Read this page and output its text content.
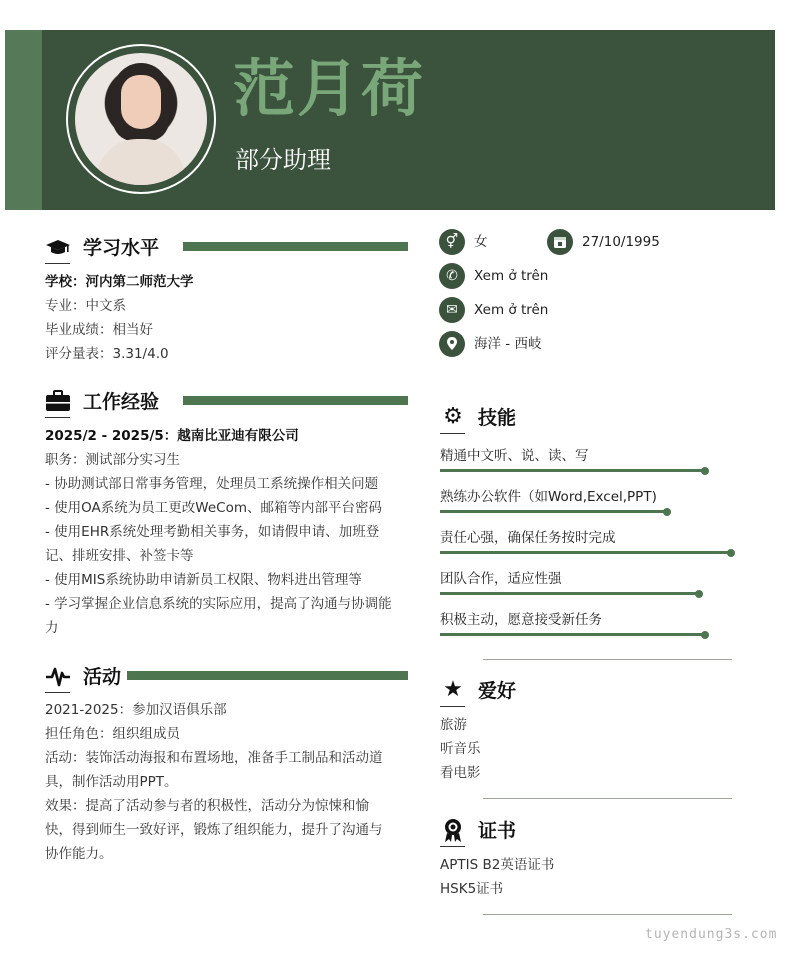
范月荷
部分助理
学习水平
学校：河内第二师范大学
专业：中文系
毕业成绩：相当好
评分量表：3.31/4.0
工作经验
2025/2 - 2025/5：越南比亚迪有限公司
职务：测试部分实习生
- 协助测试部日常事务管理，处理员工系统操作相关问题
- 使用OA系统为员工更改WeCom、邮箱等内部平台密码
- 使用EHR系统处理考勤相关事务，如请假申请、加班登
记、排班安排、补签卡等
- 使用MIS系统协助申请新员工权限、物料进出管理等
- 学习掌握企业信息系统的实际应用，提高了沟通与协调能
力
活动
2021-2025：参加汉语俱乐部
担任角色：组织组成员
活动：装饰活动海报和布置场地，准备手工制品和活动道
具，制作活动用PPT。
效果：提高了活动参与者的积极性，活动分为惊悚和愉
快，得到师生一致好评，锻炼了组织能力，提升了沟通与
协作能力。
⚥	女	27/10/1995
✆	Xem ở trên
✉	Xem ở trên
海洋 - 西岐
⚙ 技能
精通中文听、说、读、写
熟练办公软件（如Word,Excel,PPT)
责任心强，确保任务按时完成
团队合作，适应性强
积极主动，愿意接受新任务
★ 爱好
旅游
听音乐
看电影
证书
APTIS B2英语证书
HSK5证书
tuyendung3s.com
